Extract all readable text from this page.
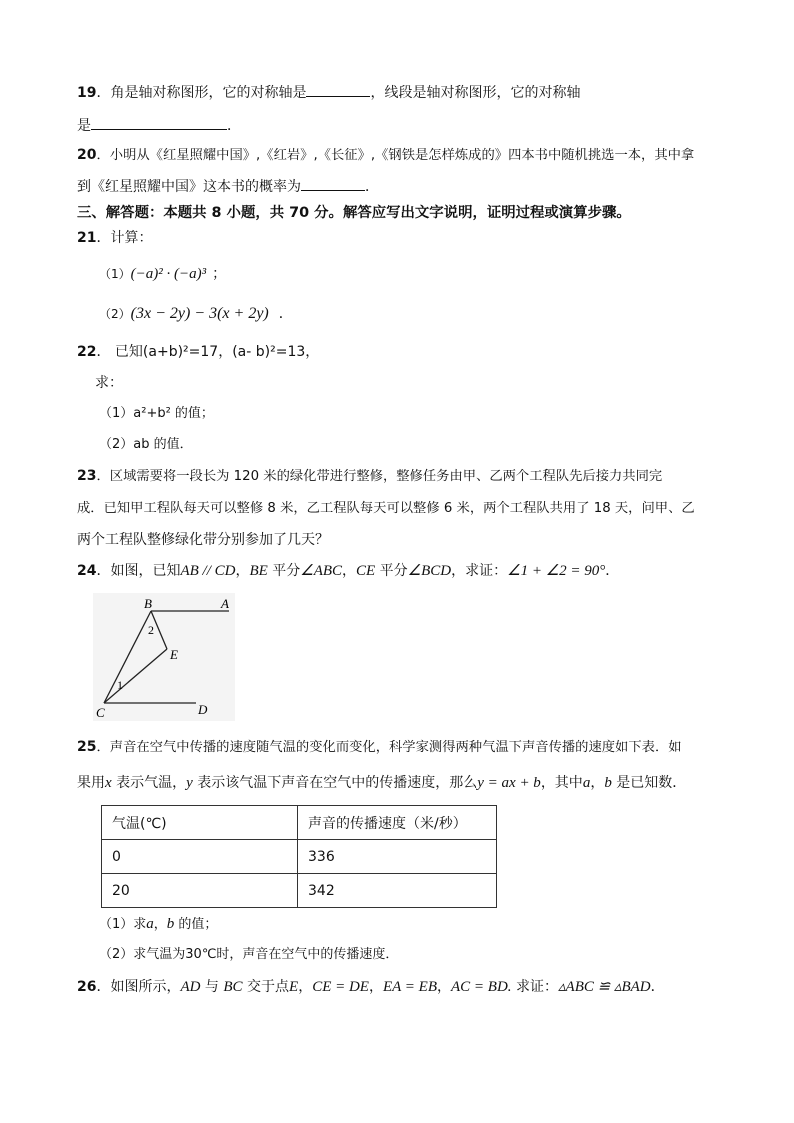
19．角是轴对称图形，它的对称轴是	，线段是轴对称图形，它的对称轴
是	．
20．小明从《红星照耀中国》,《红岩》,《长征》,《钢铁是怎样炼成的》四本书中随机挑选一本，其中拿
到《红星照耀中国》这本书的概率为	．
三、解答题：本题共 8 小题，共 70 分。解答应写出文字说明，证明过程或演算步骤。
21．计算：
（1）(−a)² · (−a)³ ；
（2）(3x − 2y) − 3(x + 2y) ．
22． 已知(a+b)²=17，(a- b)²=13，
求：
（1）a²+b² 的值；
（2）ab 的值．
23．区域需要将一段长为 120 米的绿化带进行整修，整修任务由甲、乙两个工程队先后接力共同完
成．已知甲工程队每天可以整修 8 米，乙工程队每天可以整修 6 米，两个工程队共用了 18 天，问甲、乙
两个工程队整修绿化带分别参加了几天？
24．如图，已知AB // CD，BE 平分∠ABC，CE 平分∠BCD，求证：∠1 + ∠2 = 90°．
B	A
E
C	D
2
1
25．声音在空气中传播的速度随气温的变化而变化，科学家测得两种气温下声音传播的速度如下表．如
果用x 表示气温，y 表示该气温下声音在空气中的传播速度，那么y = ax + b，其中a，b 是已知数．
气温(℃)	声音的传播速度（米/秒）
0	336
20	342
（1）求a，b 的值；
（2）求气温为30℃时，声音在空气中的传播速度．
26．如图所示，AD 与 BC 交于点E，CE = DE，EA = EB，AC = BD. 求证：▵ABC ≌ ▵BAD．
